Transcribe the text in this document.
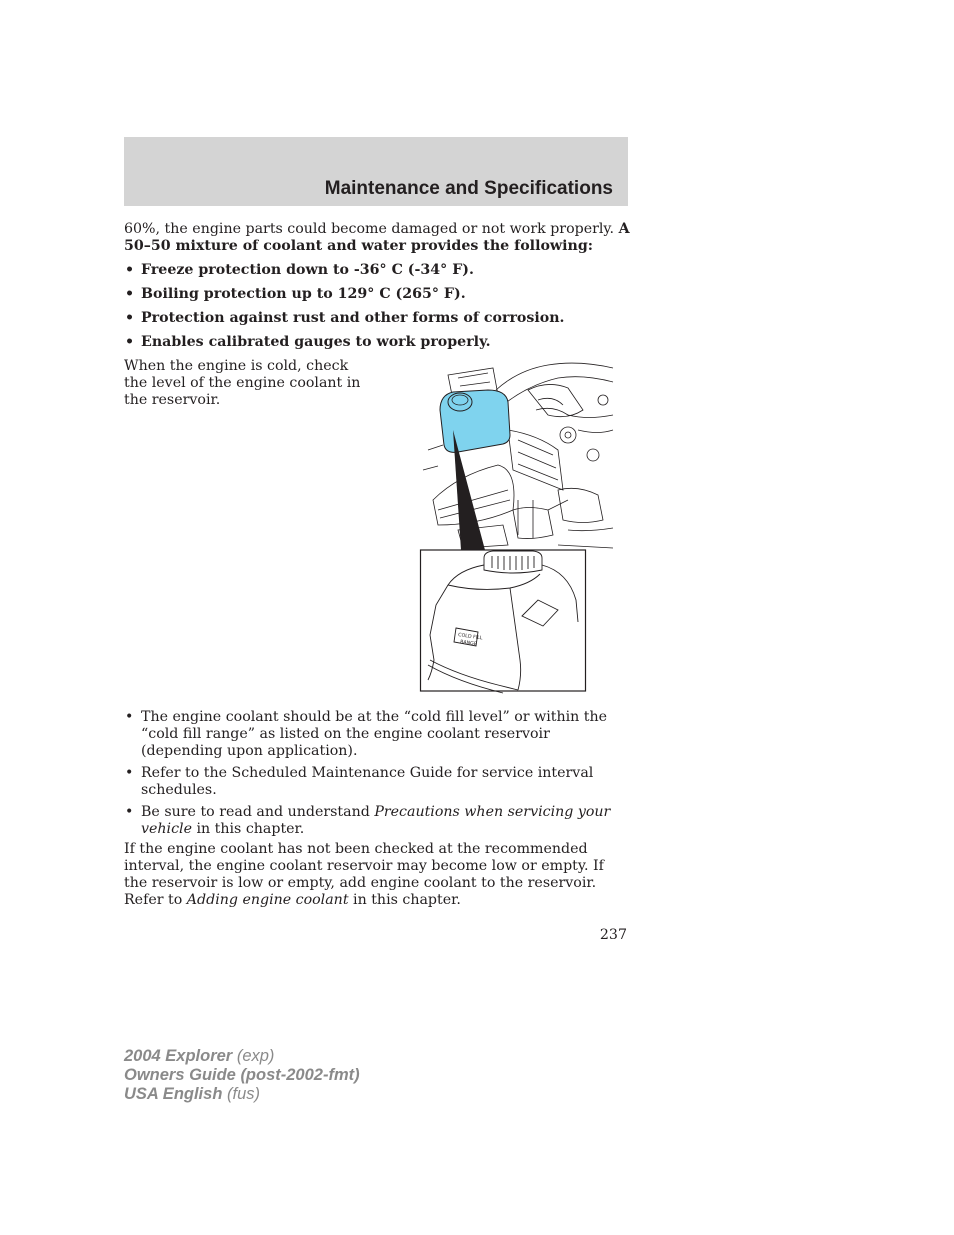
Maintenance and Specifications

60%, the engine parts could become damaged or not work properly. A 50–50 mixture of coolant and water provides the following:

• Freeze protection down to -36° C (-34° F).
• Boiling protection up to 129° C (265° F).
• Protection against rust and other forms of corrosion.
• Enables calibrated gauges to work properly.
When the engine is cold, check the level of the engine coolant in the reservoir.
COLD FILL
RANGE
• The engine coolant should be at the “cold fill level” or within the “cold fill range” as listed on the engine coolant reservoir (depending upon application).
• Refer to the Scheduled Maintenance Guide for service interval schedules.
• Be sure to read and understand Precautions when servicing your vehicle in this chapter.

If the engine coolant has not been checked at the recommended interval, the engine coolant reservoir may become low or empty. If the reservoir is low or empty, add engine coolant to the reservoir. Refer to Adding engine coolant in this chapter.

237
2004 Explorer (exp)
Owners Guide (post-2002-fmt)
USA English (fus)
